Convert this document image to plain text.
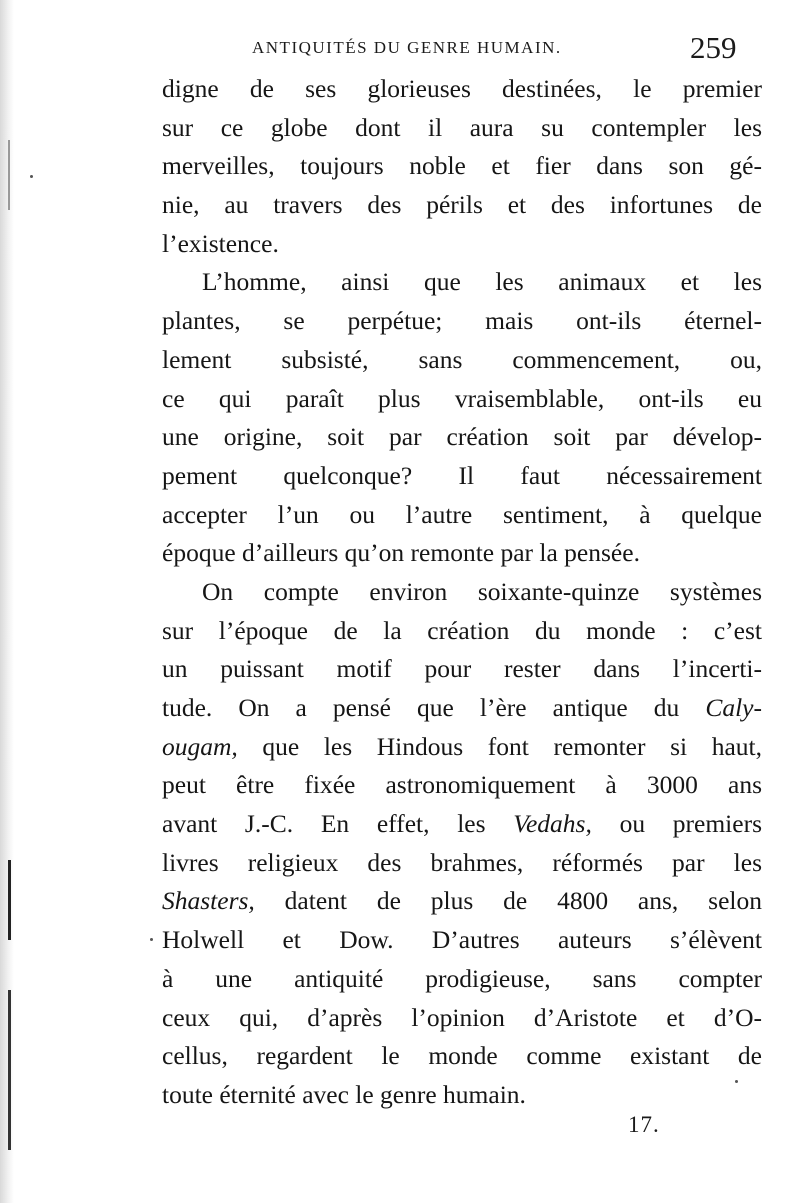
ANTIQUITÉS DU GENRE HUMAIN.	259
digne de ses glorieuses destinées, le premier
sur ce globe dont il aura su contempler les
merveilles, toujours noble et fier dans son gé-
nie, au travers des périls et des infortunes de
l’existence.
L’homme, ainsi que les animaux et les
plantes, se perpétue; mais ont-ils éternel-
lement subsisté, sans commencement, ou,
ce qui paraît plus vraisemblable, ont-ils eu
une origine, soit par création soit par dévelop-
pement quelconque? Il faut nécessairement
accepter l’un ou l’autre sentiment, à quelque
époque d’ailleurs qu’on remonte par la pensée.
On compte environ soixante-quinze systèmes
sur l’époque de la création du monde : c’est
un puissant motif pour rester dans l’incerti-
tude. On a pensé que l’ère antique du Caly-
ougam, que les Hindous font remonter si haut,
peut être fixée astronomiquement à 3000 ans
avant J.-C. En effet, les Vedahs, ou premiers
livres religieux des brahmes, réformés par les
Shasters, datent de plus de 4800 ans, selon
Holwell et Dow. D’autres auteurs s’élèvent
à une antiquité prodigieuse, sans compter
ceux qui, d’après l’opinion d’Aristote et d’O-
cellus, regardent le monde comme existant de
toute éternité avec le genre humain.
17.
